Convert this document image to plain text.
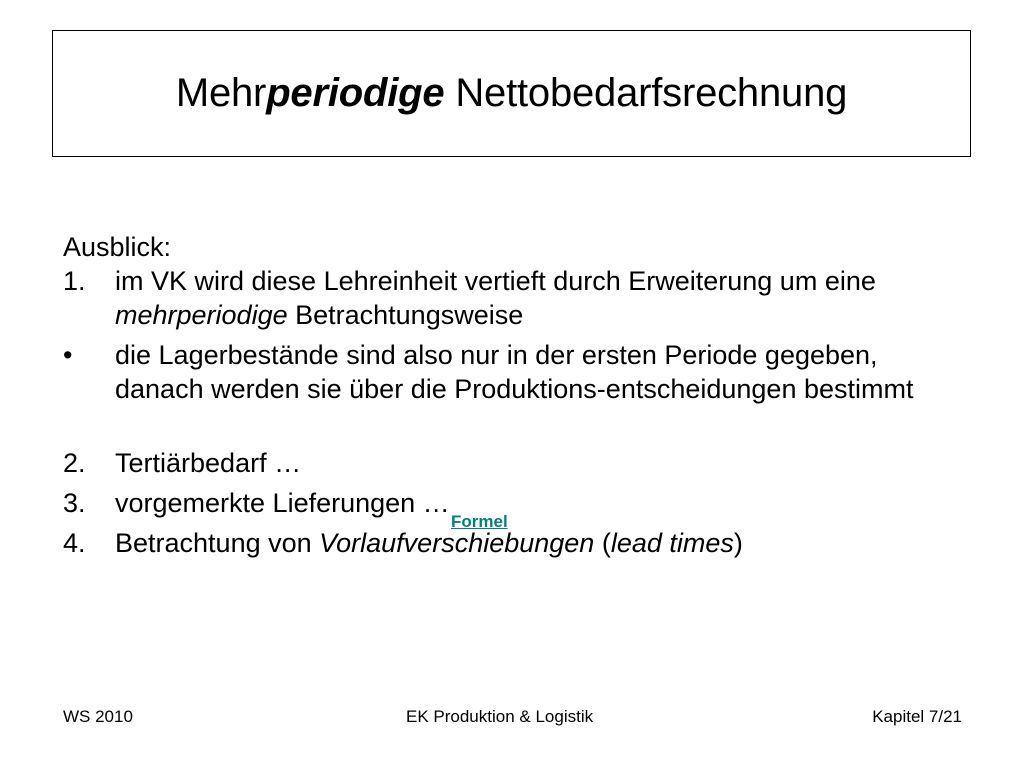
Mehrperiodige Nettobedarfsrechnung

Ausblick:

1.	im VK wird diese Lehreinheit vertieft durch Erweiterung um eine mehrperiodige Betrachtungsweise
•	die Lagerbestände sind also nur in der ersten Periode gegeben, danach werden sie über die Produktions-entscheidungen bestimmt
2.	Tertiärbedarf …
3.	vorgemerkte Lieferungen …
4.	Betrachtung von Vorlaufverschiebungen (lead times)
Formel
WS 2010	EK Produktion & Logistik	Kapitel 7/21
